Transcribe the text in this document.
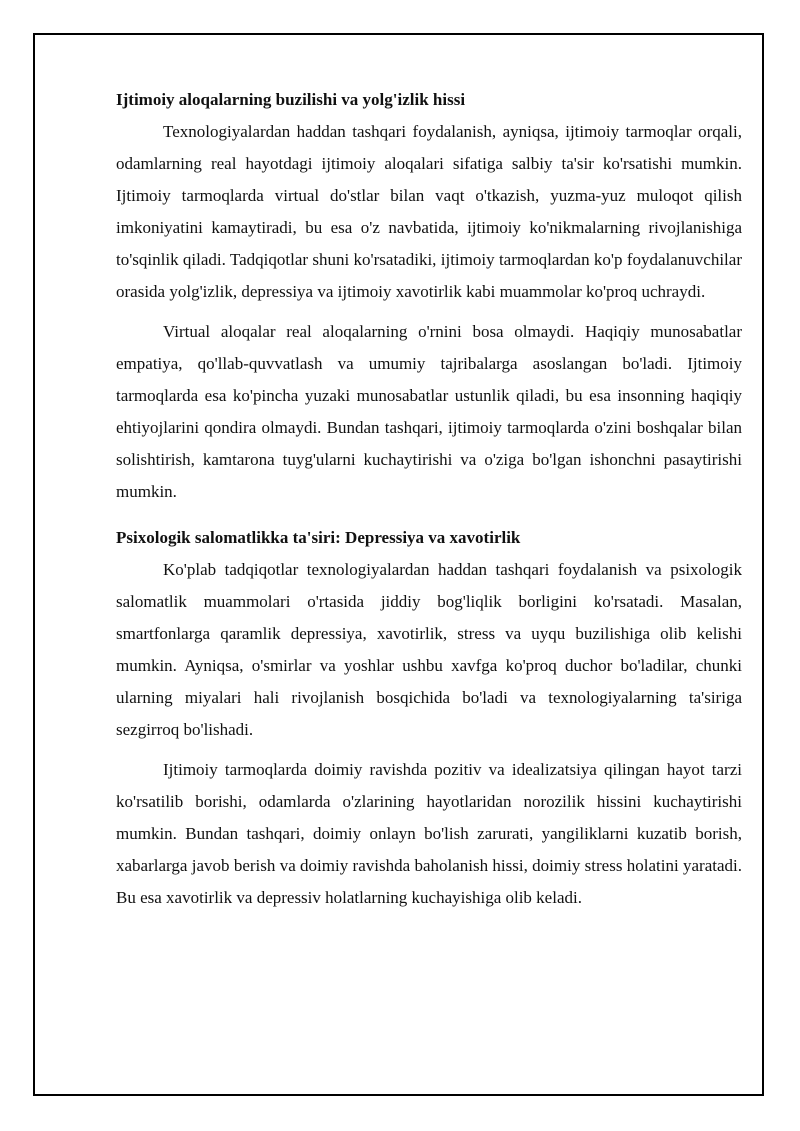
Ijtimoiy aloqalarning buzilishi va yolg'izlik hissi

Texnologiyalardan haddan tashqari foydalanish, ayniqsa, ijtimoiy tarmoqlar orqali, odamlarning real hayotdagi ijtimoiy aloqalari sifatiga salbiy ta'sir ko'rsatishi mumkin. Ijtimoiy tarmoqlarda virtual do'stlar bilan vaqt o'tkazish, yuzma-yuz muloqot qilish imkoniyatini kamaytiradi, bu esa o'z navbatida, ijtimoiy ko'nikmalarning rivojlanishiga to'sqinlik qiladi. Tadqiqotlar shuni ko'rsatadiki, ijtimoiy tarmoqlardan ko'p foydalanuvchilar orasida yolg'izlik, depressiya va ijtimoiy xavotirlik kabi muammolar ko'proq uchraydi.

Virtual aloqalar real aloqalarning o'rnini bosa olmaydi. Haqiqiy munosabatlar empatiya, qo'llab-quvvatlash va umumiy tajribalarga asoslangan bo'ladi. Ijtimoiy tarmoqlarda esa ko'pincha yuzaki munosabatlar ustunlik qiladi, bu esa insonning haqiqiy ehtiyojlarini qondira olmaydi. Bundan tashqari, ijtimoiy tarmoqlarda o'zini boshqalar bilan solishtirish, kamtarona tuyg'ularni kuchaytirishi va o'ziga bo'lgan ishonchni pasaytirishi mumkin.

Psixologik salomatlikka ta'siri: Depressiya va xavotirlik

Ko'plab tadqiqotlar texnologiyalardan haddan tashqari foydalanish va psixologik salomatlik muammolari o'rtasida jiddiy bog'liqlik borligini ko'rsatadi. Masalan, smartfonlarga qaramlik depressiya, xavotirlik, stress va uyqu buzilishiga olib kelishi mumkin. Ayniqsa, o'smirlar va yoshlar ushbu xavfga ko'proq duchor bo'ladilar, chunki ularning miyalari hali rivojlanish bosqichida bo'ladi va texnologiyalarning ta'siriga sezgirroq bo'lishadi.

Ijtimoiy tarmoqlarda doimiy ravishda pozitiv va idealizatsiya qilingan hayot tarzi ko'rsatilib borishi, odamlarda o'zlarining hayotlaridan norozilik hissini kuchaytirishi mumkin. Bundan tashqari, doimiy onlayn bo'lish zarurati, yangiliklarni kuzatib borish, xabarlarga javob berish va doimiy ravishda baholanish hissi, doimiy stress holatini yaratadi. Bu esa xavotirlik va depressiv holatlarning kuchayishiga olib keladi.
